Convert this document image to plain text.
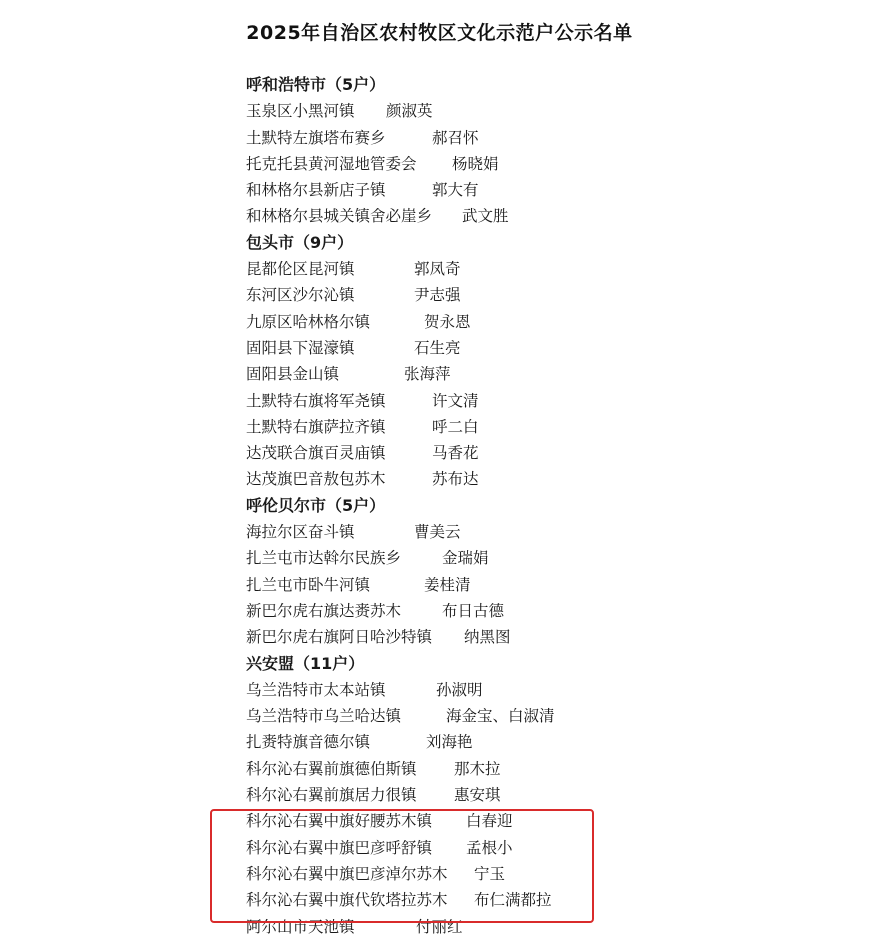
2025年自治区农村牧区文化示范户公示名单
呼和浩特市（5户）
玉泉区小黑河镇 颜淑英
土默特左旗塔布赛乡	郝召怀
托克托县黄河湿地管委会 杨晓娟
和林格尔县新店子镇	郭大有
和林格尔县城关镇舍必崖乡 武文胜
包头市（9户）
昆都伦区昆河镇	郭凤奇
东河区沙尔沁镇	尹志强
九原区哈林格尔镇	贺永恩
固阳县下湿濠镇	石生亮
固阳县金山镇	张海萍
土默特右旗将军尧镇	许文清
土默特右旗萨拉齐镇	呼二白
达茂联合旗百灵庙镇	马香花
达茂旗巴音敖包苏木	苏布达
呼伦贝尔市（5户）
海拉尔区奋斗镇	曹美云
扎兰屯市达斡尔民族乡	金瑞娟
扎兰屯市卧牛河镇	姜桂清
新巴尔虎右旗达赉苏木	布日古德
新巴尔虎右旗阿日哈沙特镇 纳黑图
兴安盟（11户）
乌兰浩特市太本站镇	孙淑明
乌兰浩特市乌兰哈达镇	海金宝、白淑清
扎赉特旗音德尔镇	刘海艳
科尔沁右翼前旗德伯斯镇 那木拉
科尔沁右翼前旗居力很镇 惠安琪
科尔沁右翼中旗好腰苏木镇 白春迎
科尔沁右翼中旗巴彦呼舒镇 孟根小
科尔沁右翼中旗巴彦淖尔苏木 宁玉
科尔沁右翼中旗代钦塔拉苏木 布仁满都拉
阿尔山市天池镇	付丽红
